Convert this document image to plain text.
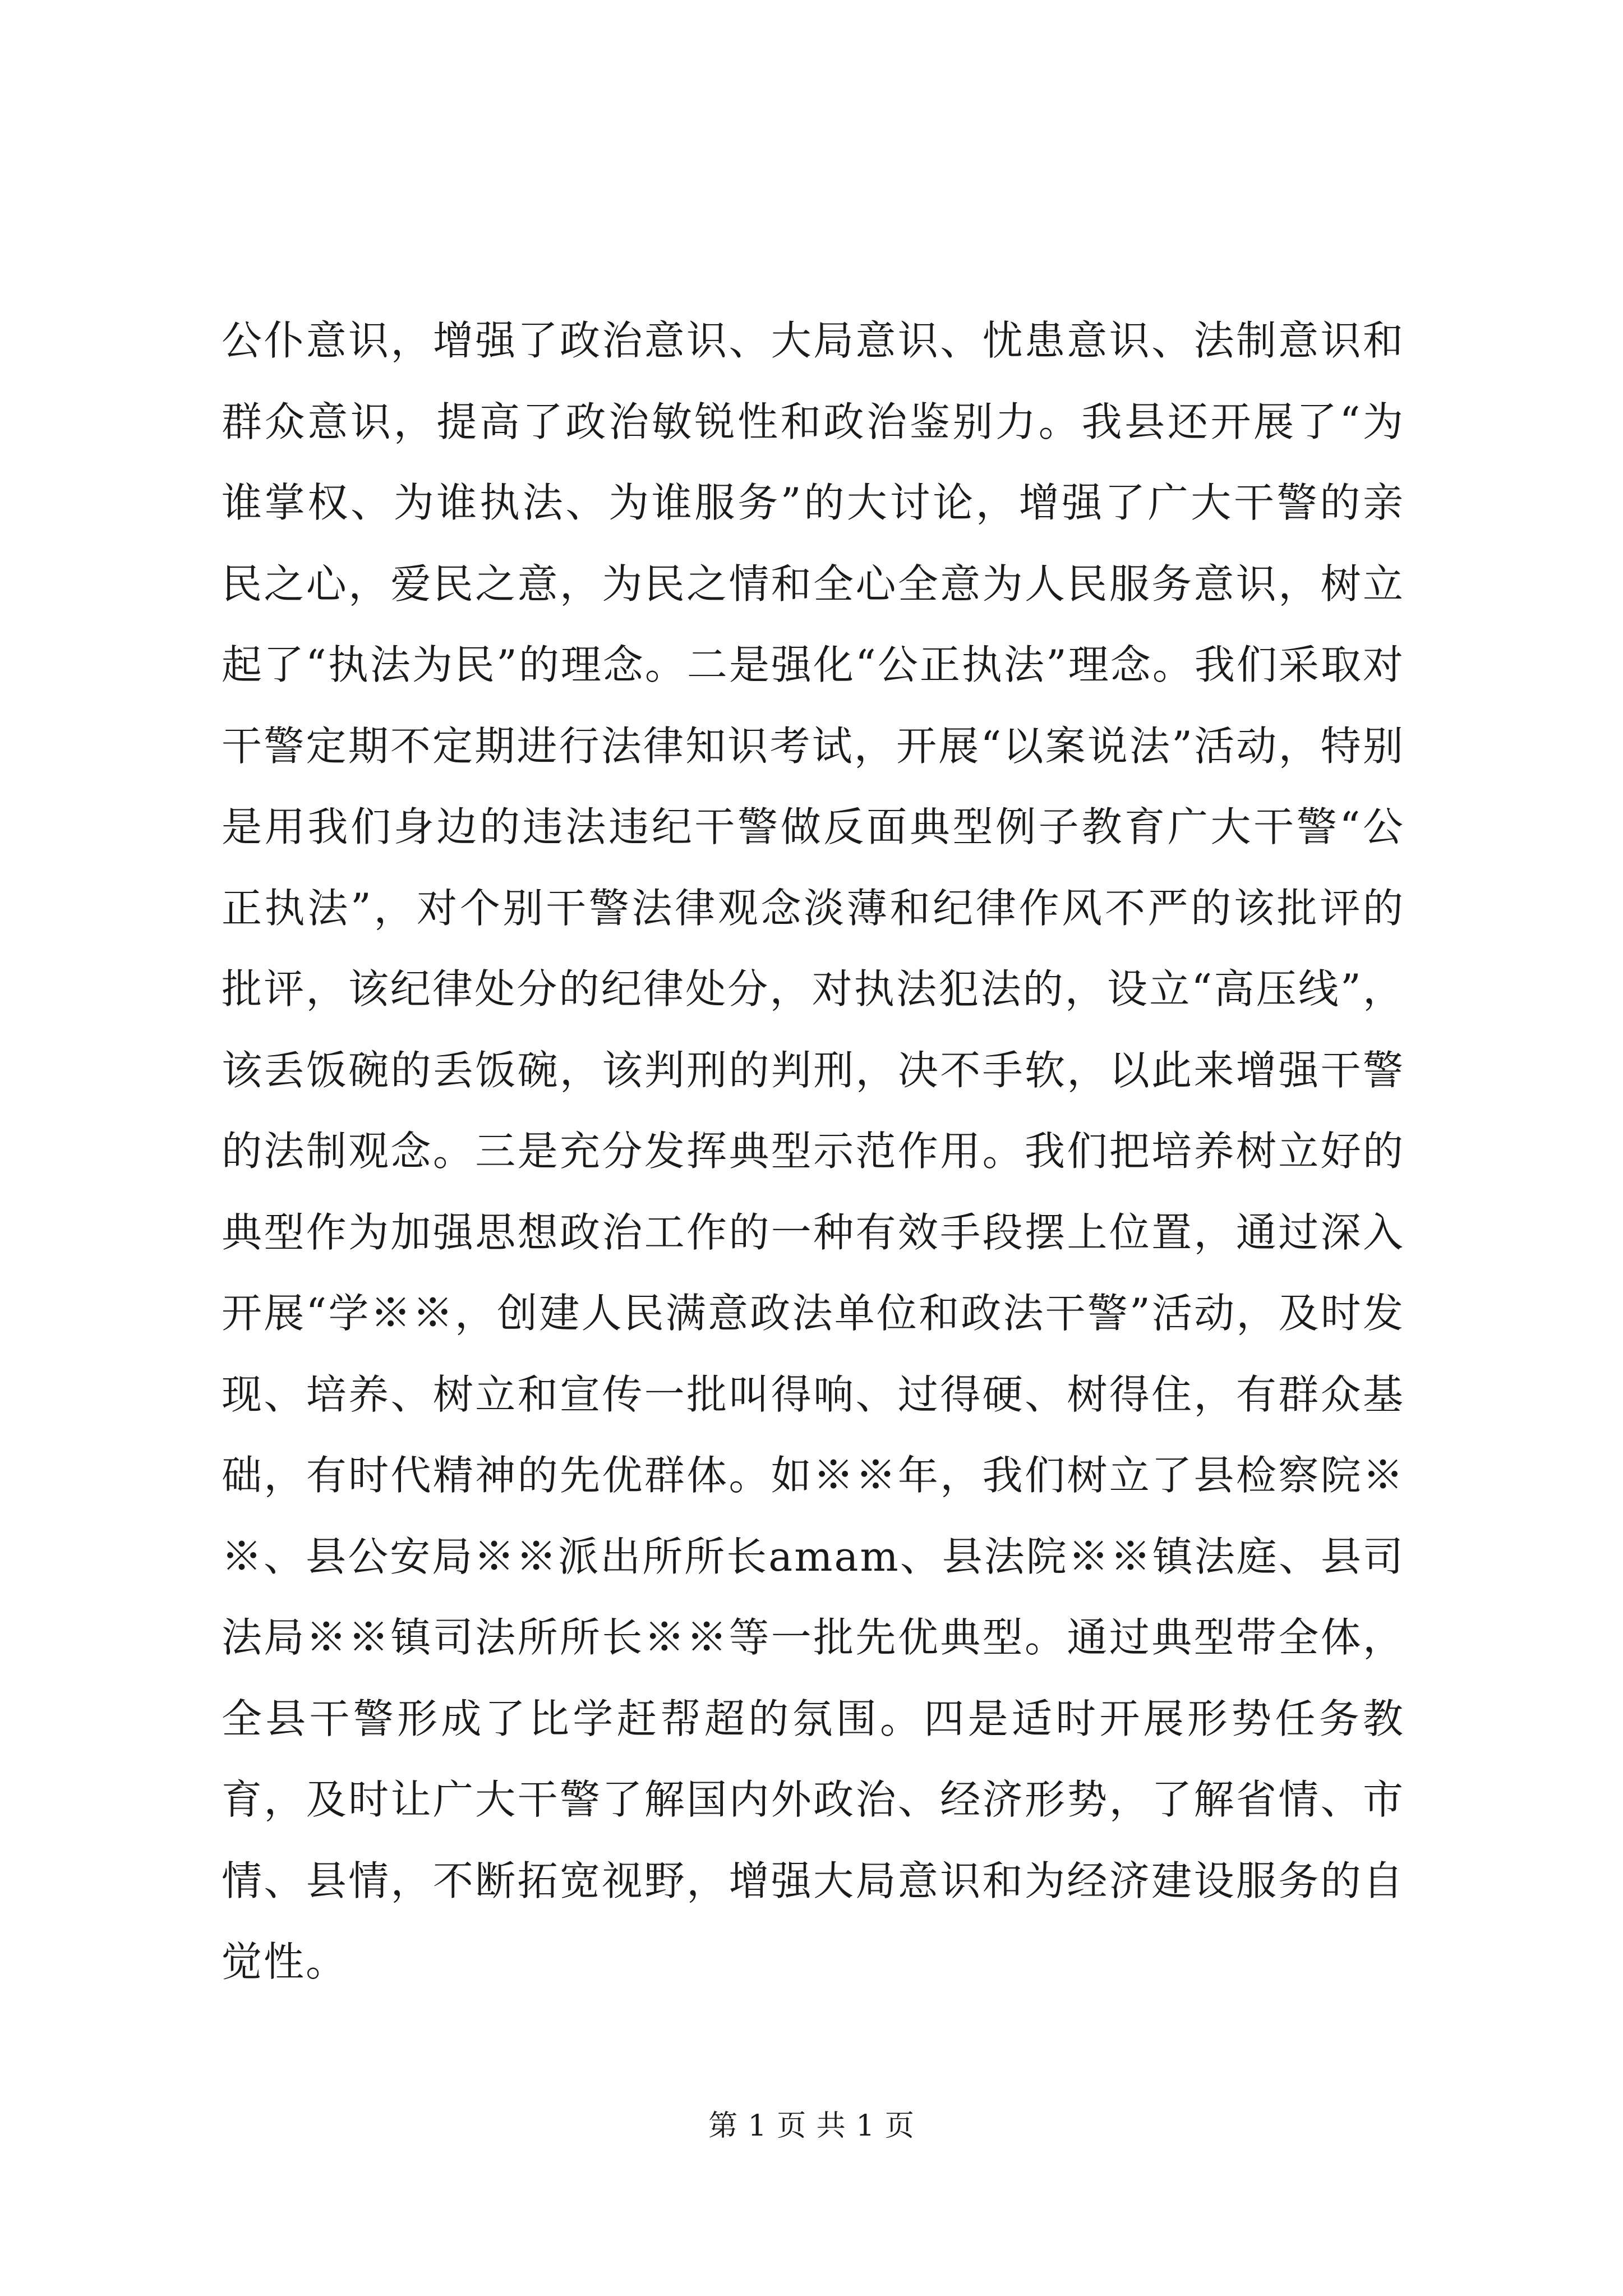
公仆意识，增强了政治意识、大局意识、忧患意识、法制意识和群众意识，提高了政治敏锐性和政治鉴别力。我县还开展了“为谁掌权、为谁执法、为谁服务”的大讨论，增强了广大干警的亲民之心，爱民之意，为民之情和全心全意为人民服务意识，树立起了“执法为民”的理念。二是强化“公正执法”理念。我们采取对干警定期不定期进行法律知识考试，开展“以案说法”活动，特别是用我们身边的违法违纪干警做反面典型例子教育广大干警“公正执法”，对个别干警法律观念淡薄和纪律作风不严的该批评的批评，该纪律处分的纪律处分，对执法犯法的，设立“高压线”，该丢饭碗的丢饭碗，该判刑的判刑，决不手软，以此来增强干警的法制观念。三是充分发挥典型示范作用。我们把培养树立好的典型作为加强思想政治工作的一种有效手段摆上位置，通过深入开展“学※※，创建人民满意政法单位和政法干警”活动，及时发现、培养、树立和宣传一批叫得响、过得硬、树得住，有群众基础，有时代精神的先优群体。如※※年，我们树立了县检察院※※、县公安局※※派出所所长amam、县法院※※镇法庭、县司法局※※镇司法所所长※※等一批先优典型。通过典型带全体，全县干警形成了比学赶帮超的氛围。四是适时开展形势任务教育，及时让广大干警了解国内外政治、经济形势，了解省情、市情、县情，不断拓宽视野，增强大局意识和为经济建设服务的自觉性。

第 1 页 共 1 页
